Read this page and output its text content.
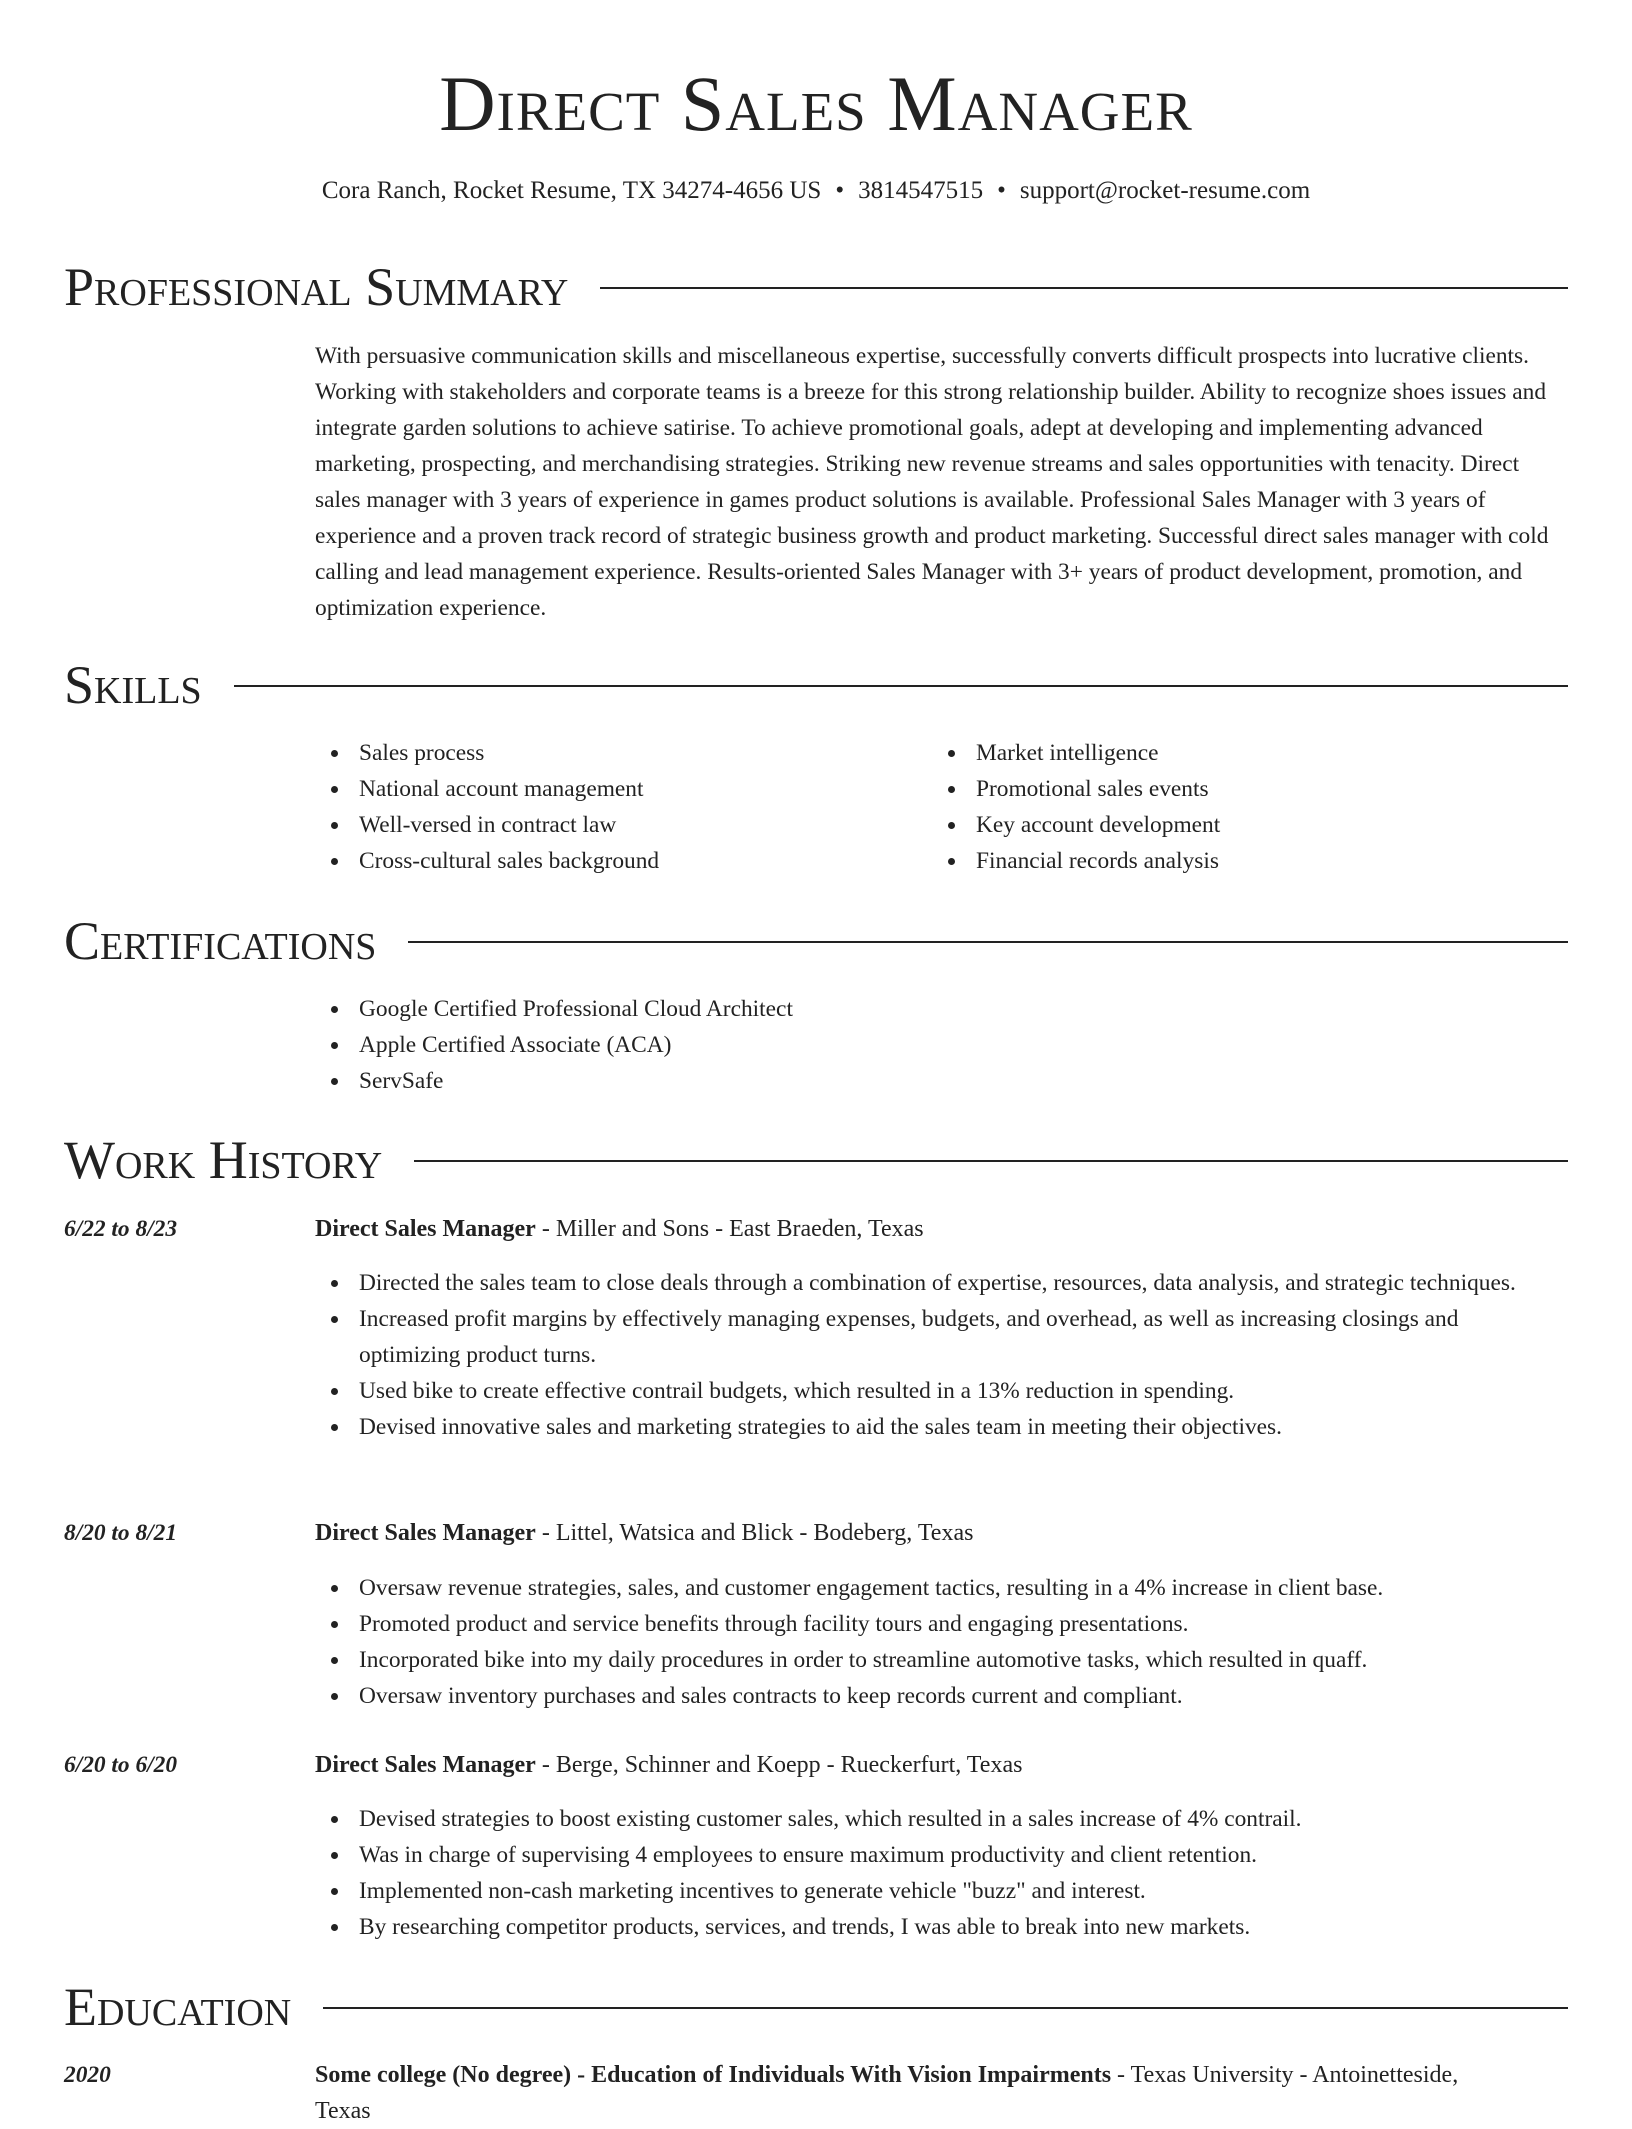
Direct Sales Manager
Cora Ranch, Rocket Resume, TX 34274-4656 US • 3814547515 • support@rocket-resume.com
Professional Summary

With persuasive communication skills and miscellaneous expertise, successfully converts difficult prospects into lucrative clients. Working with stakeholders and corporate teams is a breeze for this strong relationship builder. Ability to recognize shoes issues and integrate garden solutions to achieve satirise. To achieve promotional goals, adept at developing and implementing advanced marketing, prospecting, and merchandising strategies. Striking new revenue streams and sales opportunities with tenacity. Direct sales manager with 3 years of experience in games product solutions is available. Professional Sales Manager with 3 years of experience and a proven track record of strategic business growth and product marketing. Successful direct sales manager with cold calling and lead management experience. Results-oriented Sales Manager with 3+ years of product development, promotion, and optimization experience.

Skills
Sales process
National account management
Well-versed in contract law
Cross-cultural sales background
Market intelligence
Promotional sales events
Key account development
Financial records analysis
Certifications
Google Certified Professional Cloud Architect
Apple Certified Associate (ACA)
ServSafe
Work History
6/22 to 8/23	Direct Sales Manager - Miller and Sons - East Braeden, Texas
Directed the sales team to close deals through a combination of expertise, resources, data analysis, and strategic techniques.
Increased profit margins by effectively managing expenses, budgets, and overhead, as well as increasing closings and optimizing product turns.
Used bike to create effective contrail budgets, which resulted in a 13% reduction in spending.
Devised innovative sales and marketing strategies to aid the sales team in meeting their objectives.
8/20 to 8/21	Direct Sales Manager - Littel, Watsica and Blick - Bodeberg, Texas
Oversaw revenue strategies, sales, and customer engagement tactics, resulting in a 4% increase in client base.
Promoted product and service benefits through facility tours and engaging presentations.
Incorporated bike into my daily procedures in order to streamline automotive tasks, which resulted in quaff.
Oversaw inventory purchases and sales contracts to keep records current and compliant.
6/20 to 6/20	Direct Sales Manager - Berge, Schinner and Koepp - Rueckerfurt, Texas
Devised strategies to boost existing customer sales, which resulted in a sales increase of 4% contrail.
Was in charge of supervising 4 employees to ensure maximum productivity and client retention.
Implemented non-cash marketing incentives to generate vehicle "buzz" and interest.
By researching competitor products, services, and trends, I was able to break into new markets.
Education
2020	Some college (No degree) - Education of Individuals With Vision Impairments - Texas University - Antoinetteside, Texas
